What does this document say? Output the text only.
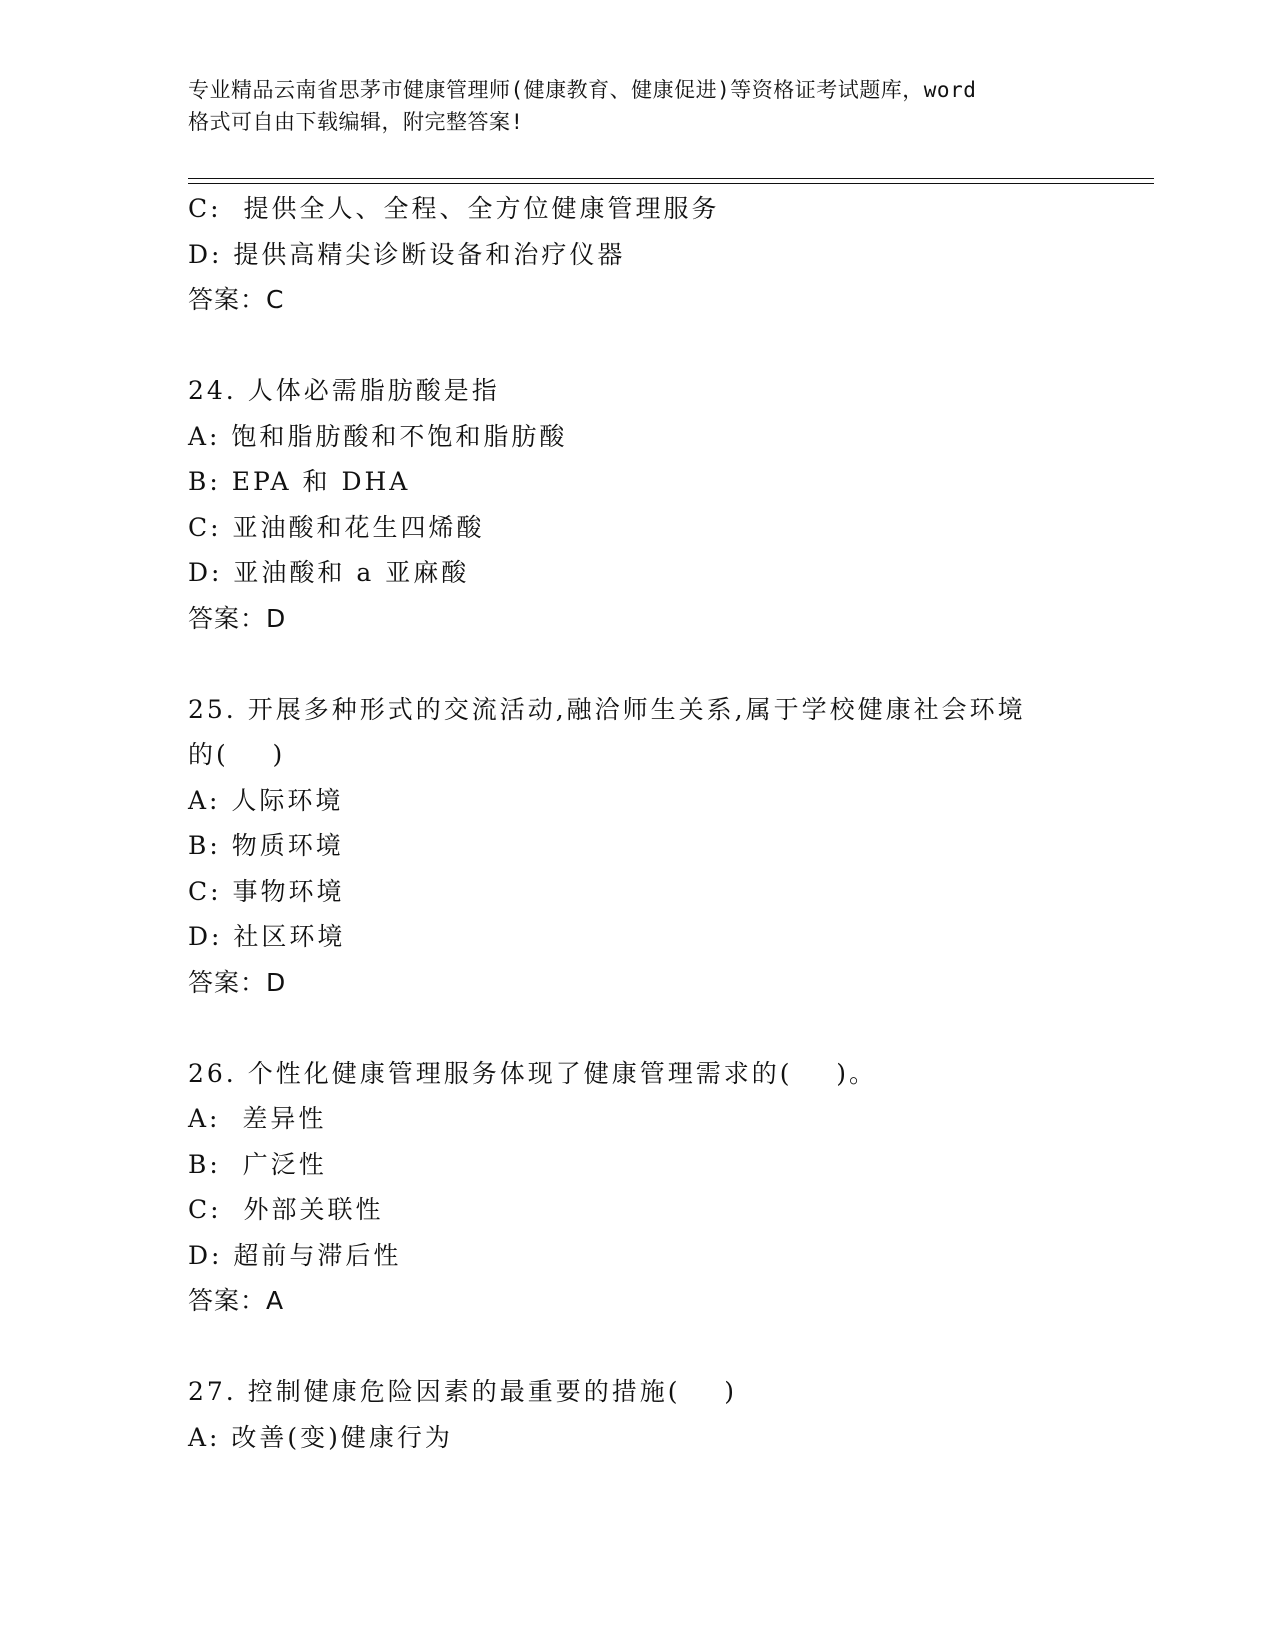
专业精品云南省思茅市健康管理师(健康教育、健康促进)等资格证考试题库，word
格式可自由下载编辑，附完整答案!
C:  提供全人、全程、全方位健康管理服务
D: 提供高精尖诊断设备和治疗仪器
答案：C
24. 人体必需脂肪酸是指
A: 饱和脂肪酸和不饱和脂肪酸
B: EPA 和 DHA
C: 亚油酸和花生四烯酸
D: 亚油酸和 a 亚麻酸
答案：D
25. 开展多种形式的交流活动,融洽师生关系,属于学校健康社会环境的(    )
A: 人际环境
B: 物质环境
C: 事物环境
D: 社区环境
答案：D
26. 个性化健康管理服务体现了健康管理需求的(    )。
A:  差异性
B:  广泛性
C:  外部关联性
D: 超前与滞后性
答案：A
27. 控制健康危险因素的最重要的措施(    )
A: 改善(变)健康行为
